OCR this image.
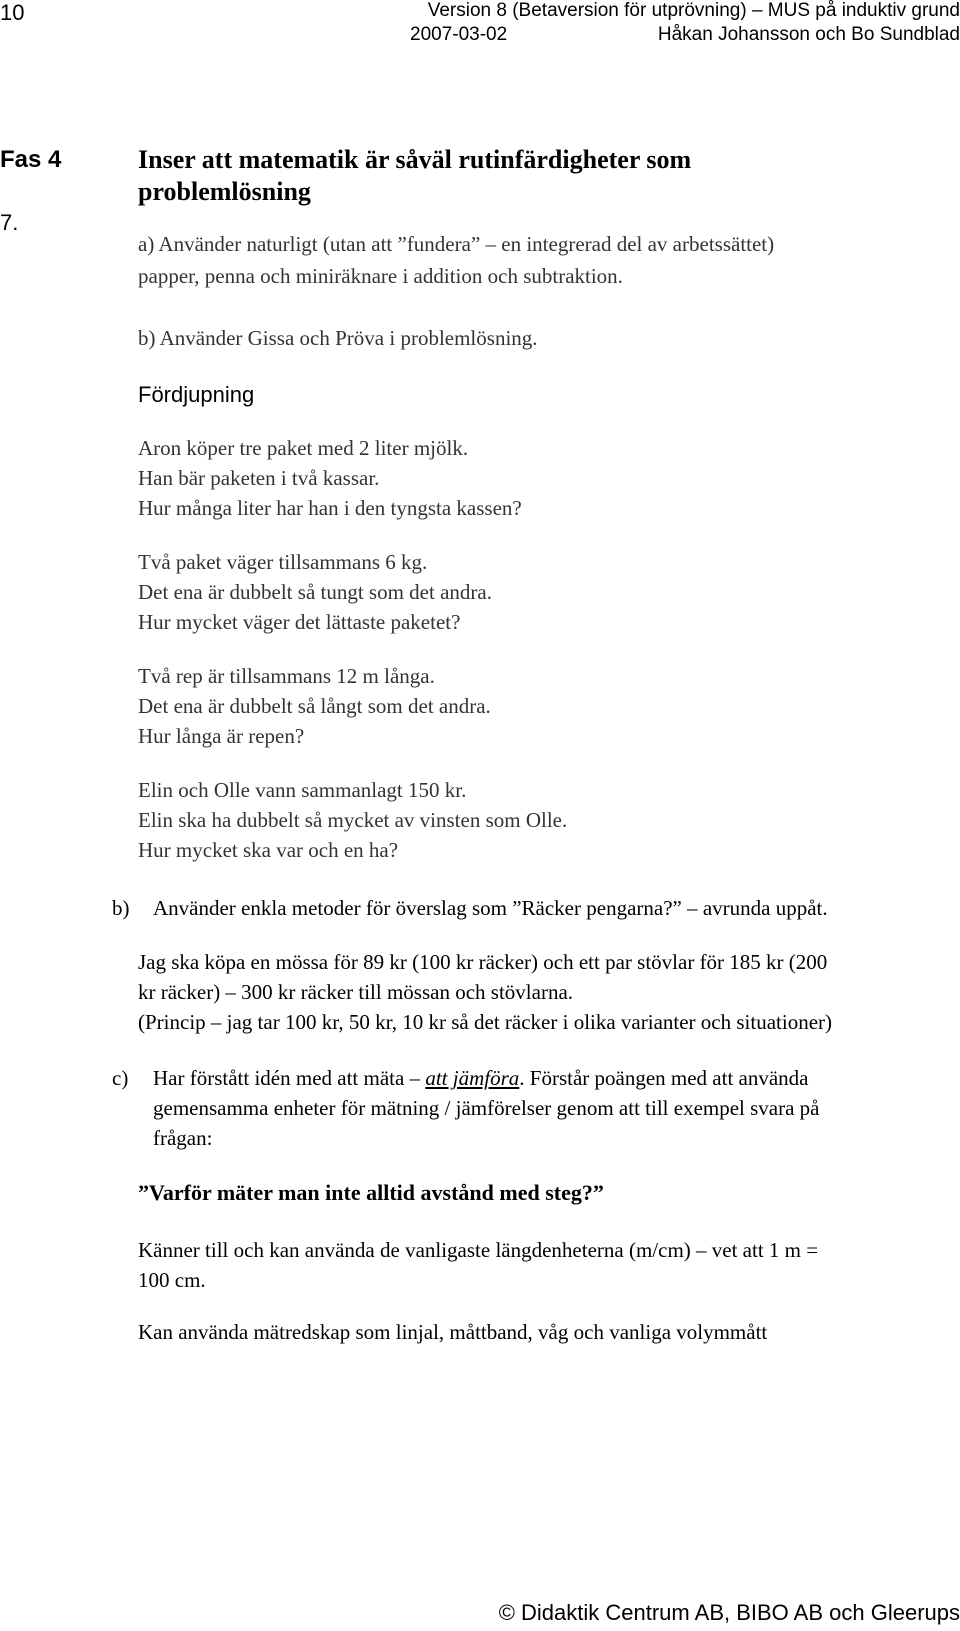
10	Version 8 (Betaversion för utprövning) – MUS på induktiv grund
2007-03-02	Håkan Johansson och Bo Sundblad
Fas 4
7.
Inser att matematik är såväl rutinfärdigheter som
problemlösning
a) Använder naturligt (utan att ”fundera” – en integrerad del av arbetssättet)
papper, penna och miniräknare i addition och subtraktion.
b) Använder Gissa och Pröva i problemlösning.
Fördjupning
Aron köper tre paket med 2 liter mjölk.
Han bär paketen i två kassar.
Hur många liter har han i den tyngsta kassen?
Två paket väger tillsammans 6 kg.
Det ena är dubbelt så tungt som det andra.
Hur mycket väger det lättaste paketet?
Två rep är tillsammans 12 m långa.
Det ena är dubbelt så långt som det andra.
Hur långa är repen?
Elin och Olle vann sammanlagt 150 kr.
Elin ska ha dubbelt så mycket av vinsten som Olle.
Hur mycket ska var och en ha?
b) Använder enkla metoder för överslag som ”Räcker pengarna?” – avrunda uppåt.
Jag ska köpa en mössa för 89 kr (100 kr räcker) och ett par stövlar för 185 kr (200
kr räcker) – 300 kr räcker till mössan och stövlarna.
(Princip – jag tar 100 kr, 50 kr, 10 kr så det räcker i olika varianter och situationer)
c) Har förstått idén med att mäta – att jämföra. Förstår poängen med att använda
gemensamma enheter för mätning / jämförelser genom att till exempel svara på
frågan:
”Varför mäter man inte alltid avstånd med steg?”
Känner till och kan använda de vanligaste längdenheterna (m/cm) – vet att 1 m =
100 cm.
Kan använda mätredskap som linjal, måttband, våg och vanliga volymmått
© Didaktik Centrum AB, BIBO AB och Gleerups
